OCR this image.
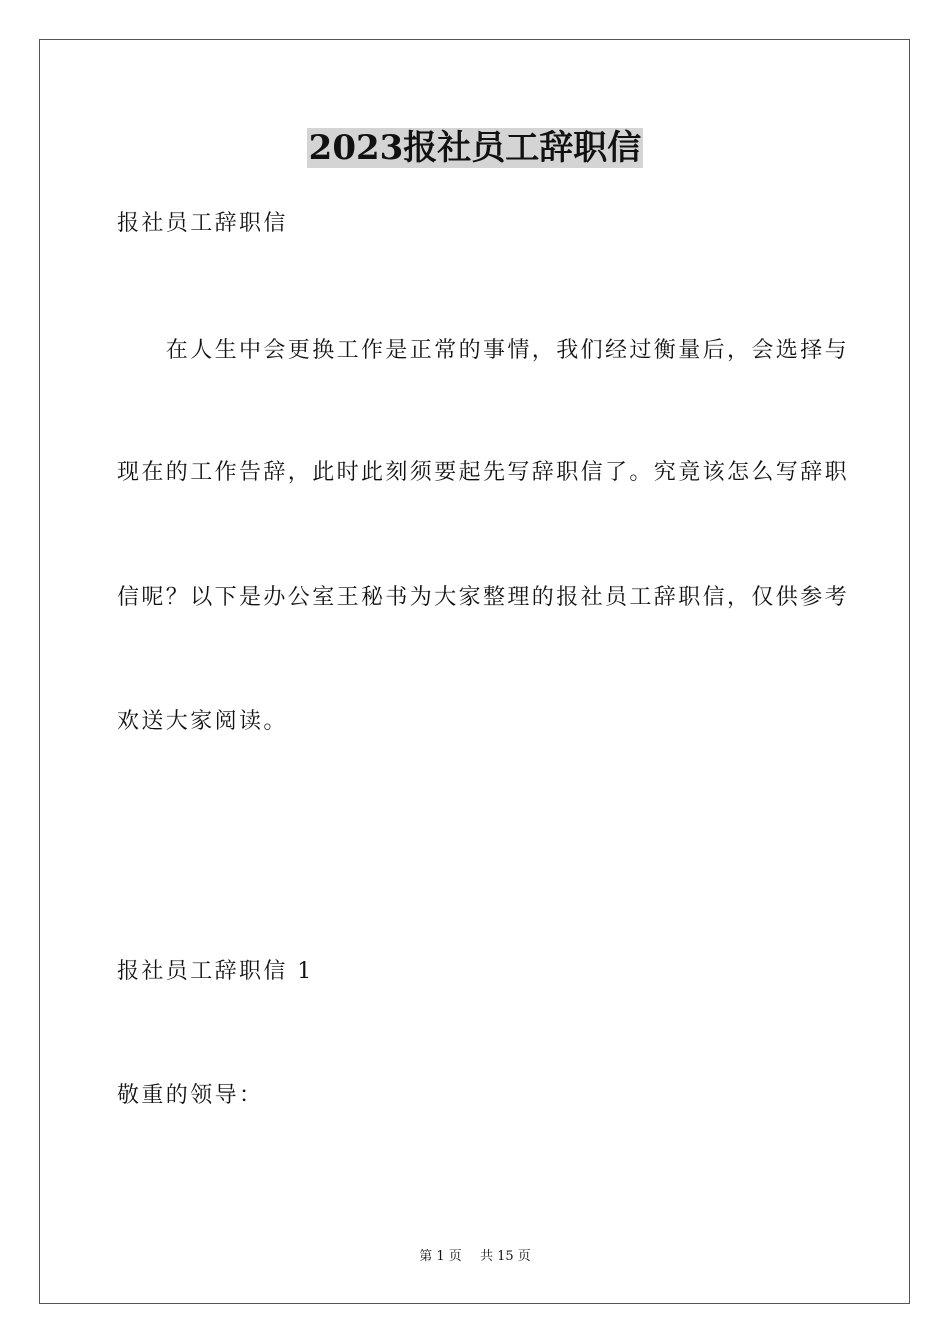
2023报社员工辞职信
报社员工辞职信
　　在人生中会更换工作是正常的事情，我们经过衡量后，会选择与
现在的工作告辞，此时此刻须要起先写辞职信了。究竟该怎么写辞职
信呢？以下是办公室王秘书为大家整理的报社员工辞职信，仅供参考
欢送大家阅读。
报社员工辞职信 1
敬重的领导：
第 1 页 共 15 页
